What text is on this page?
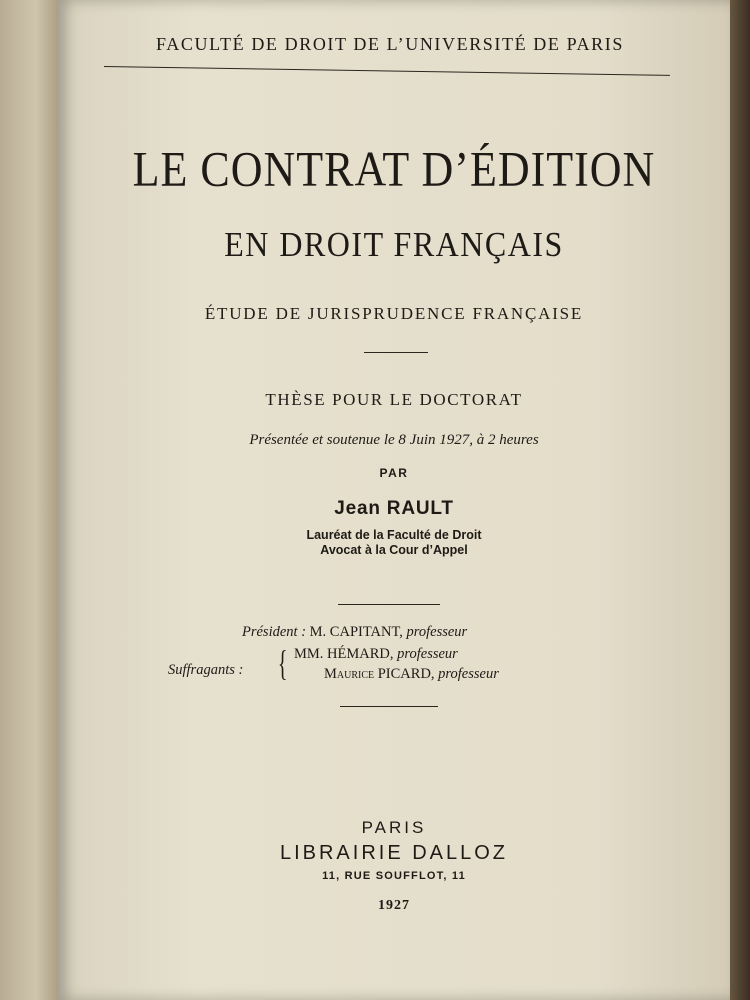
FACULTÉ DE DROIT DE L’UNIVERSITÉ DE PARIS
LE CONTRAT D’ÉDITION
EN DROIT FRANÇAIS
ÉTUDE DE JURISPRUDENCE FRANÇAISE
THÈSE POUR LE DOCTORAT
Présentée et soutenue le 8 Juin 1927, à 2 heures
PAR
Jean RAULT
Lauréat de la Faculté de Droit
Avocat à la Cour d’Appel
Président : M. CAPITANT, professeur
Suffragants : { MM. HÉMARD, professeur
Maurice PICARD, professeur
PARIS
LIBRAIRIE DALLOZ
11, RUE SOUFFLOT, 11
1927
